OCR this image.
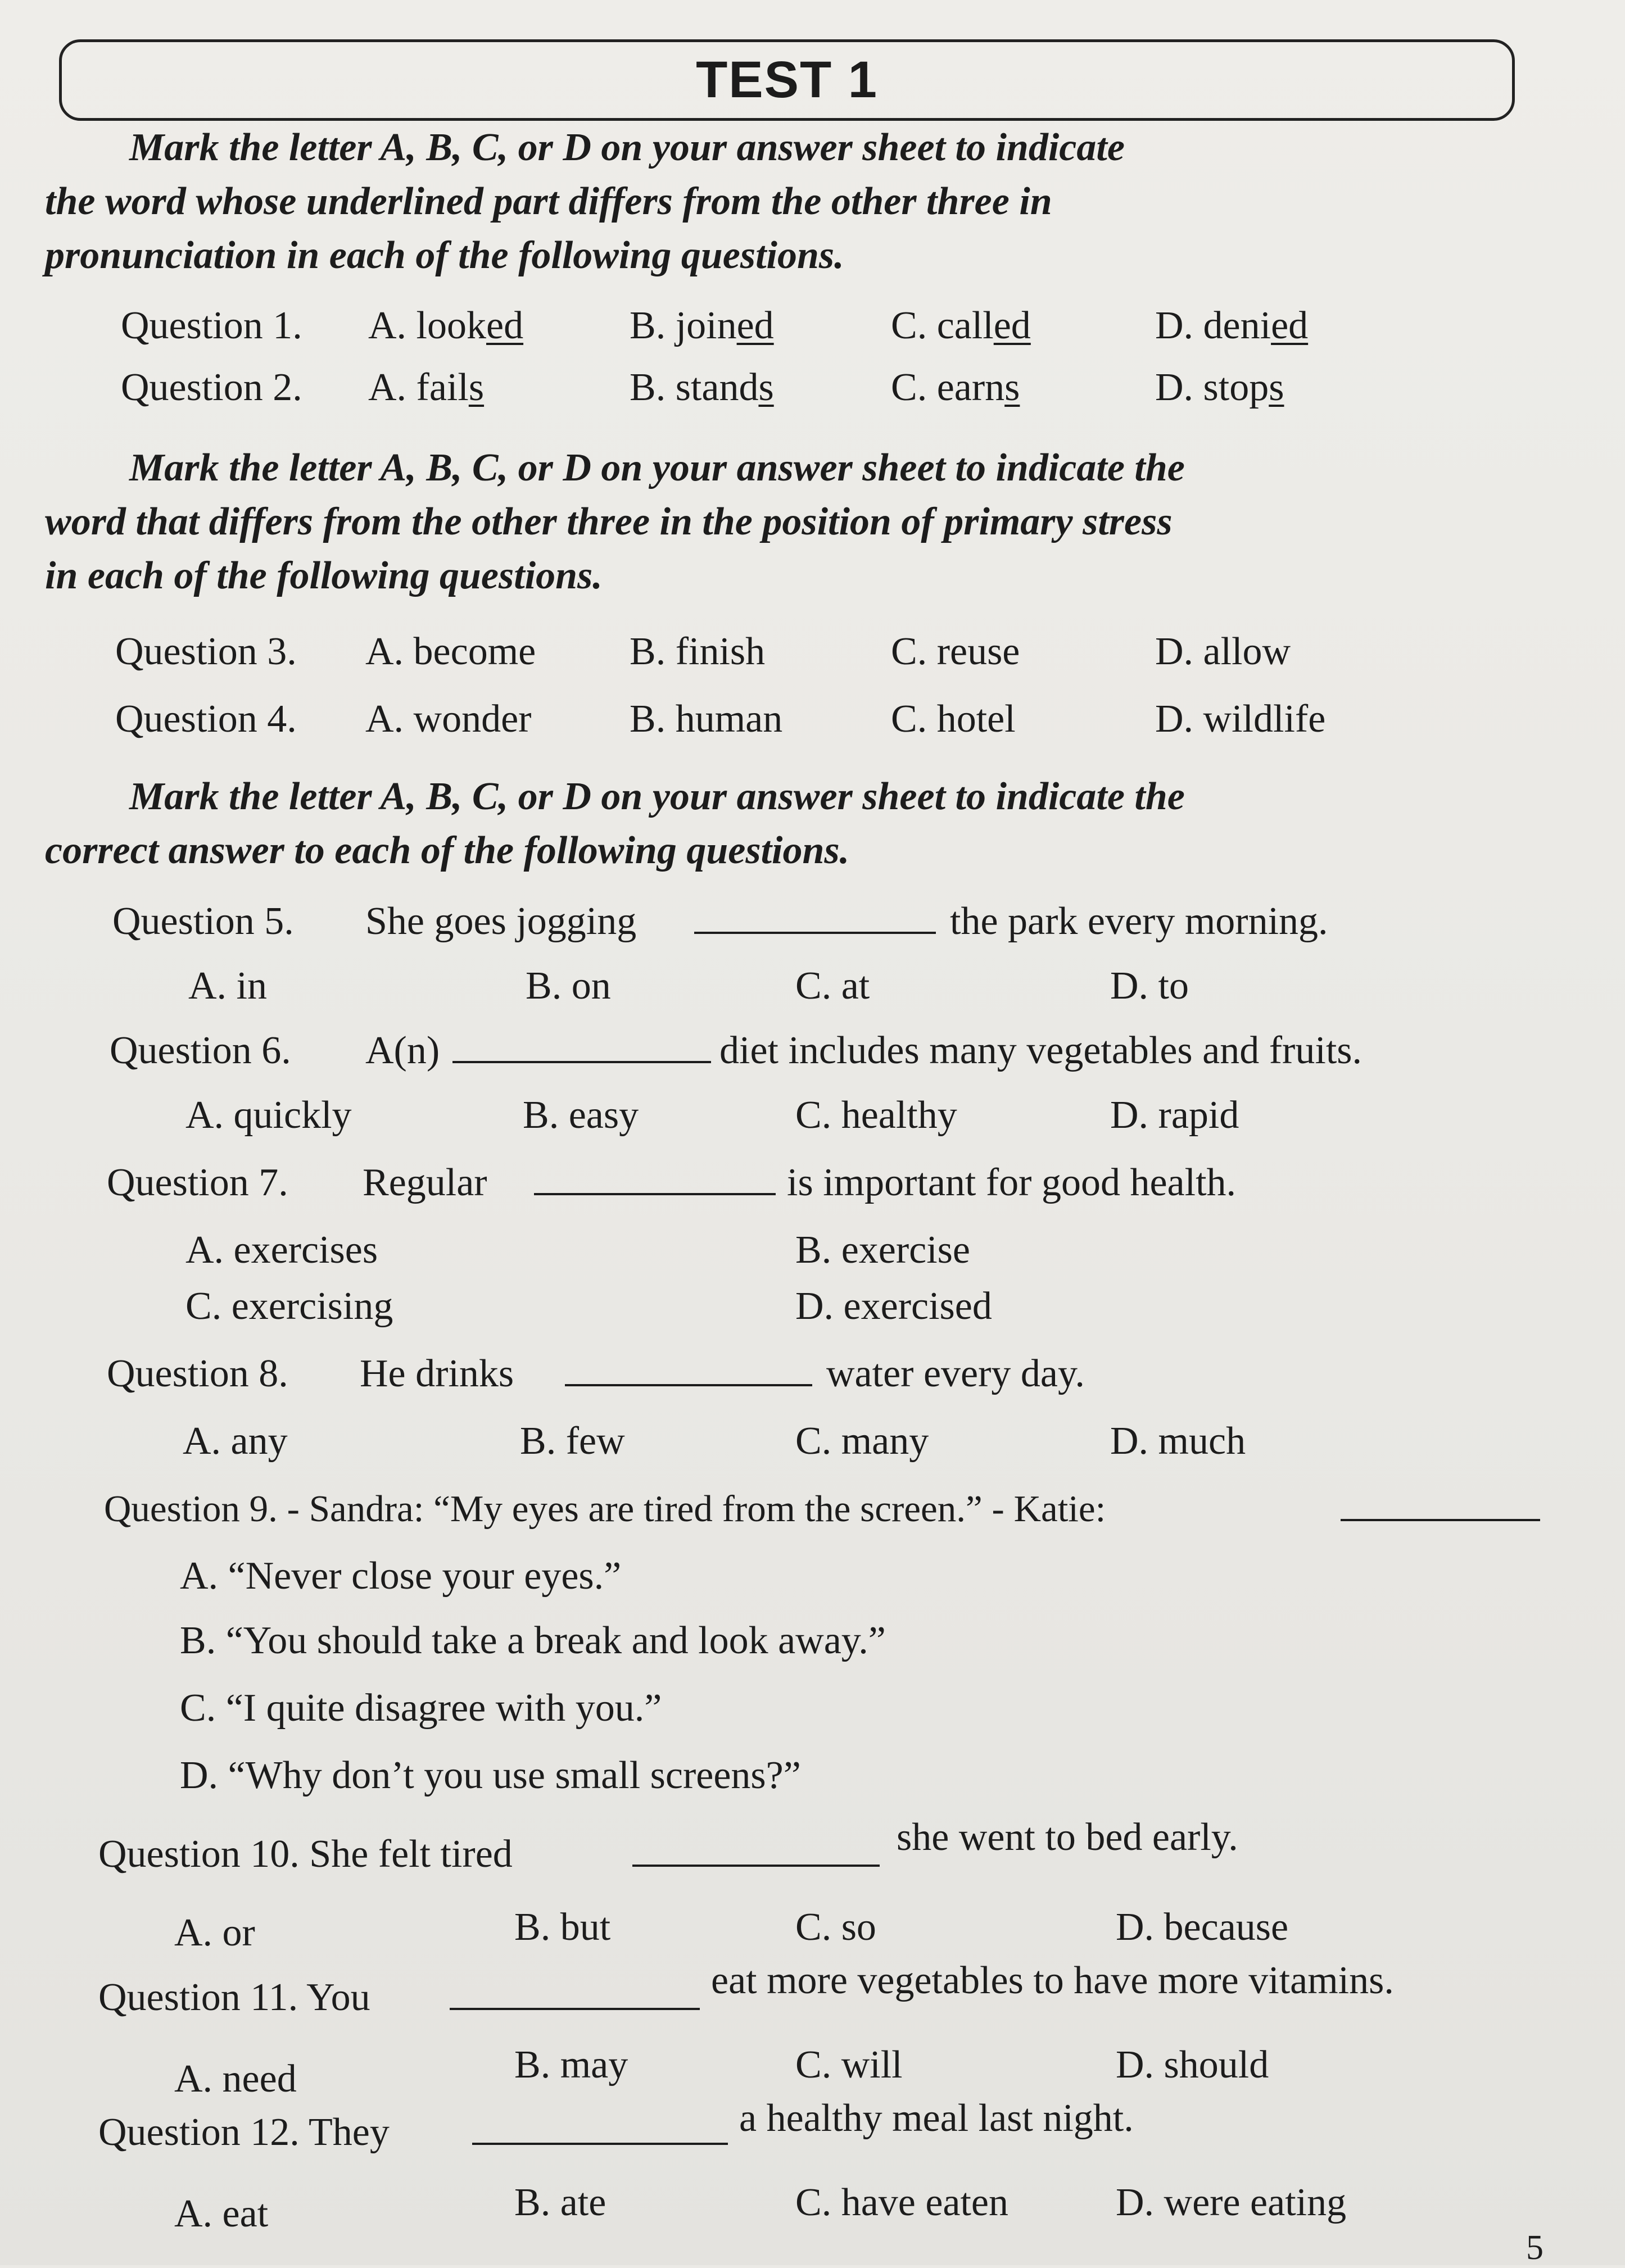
TEST 1
Mark the letter A, B, C, or D on your answer sheet to indicate
the word whose underlined part differs from the other three in
pronunciation in each of the following questions.
Question 1. A. looked	B. joined	C. called	D. denied
Question 2. A. fails	B. stands	C. earns	D. stops
Mark the letter A, B, C, or D on your answer sheet to indicate the
word that differs from the other three in the position of primary stress
in each of the following questions.
Question 3. A. become B. finish	C. reuse	D. allow
Question 4. A. wonder B. human	C. hotel	D. wildlife
Mark the letter A, B, C, or D on your answer sheet to indicate the
correct answer to each of the following questions.
Question 5. She goes jogging	the park every morning.
A. in	B. on	C. at	D. to
Question 6. A(n)	diet includes many vegetables and fruits.
A. quickly	B. easy	C. healthy	D. rapid
Question 7. Regular	is important for good health.
A. exercises	B. exercise
C. exercising	D. exercised
Question 8. He drinks	water every day.
A. any	B. few	C. many	D. much
Question 9. - Sandra: “My eyes are tired from the screen.” - Katie:
A. “Never close your eyes.”
B. “You should take a break and look away.”
C. “I quite disagree with you.”
D. “Why don’t you use small screens?”
Question 10. She felt tired	she went to bed early.
A. or	B. but	C. so	D. because
Question 11. You	eat more vegetables to have more vitamins.
A. need	B. may	C. will	D. should
Question 12. They	a healthy meal last night.
A. eat	B. ate	C. have eaten	D. were eating
5
